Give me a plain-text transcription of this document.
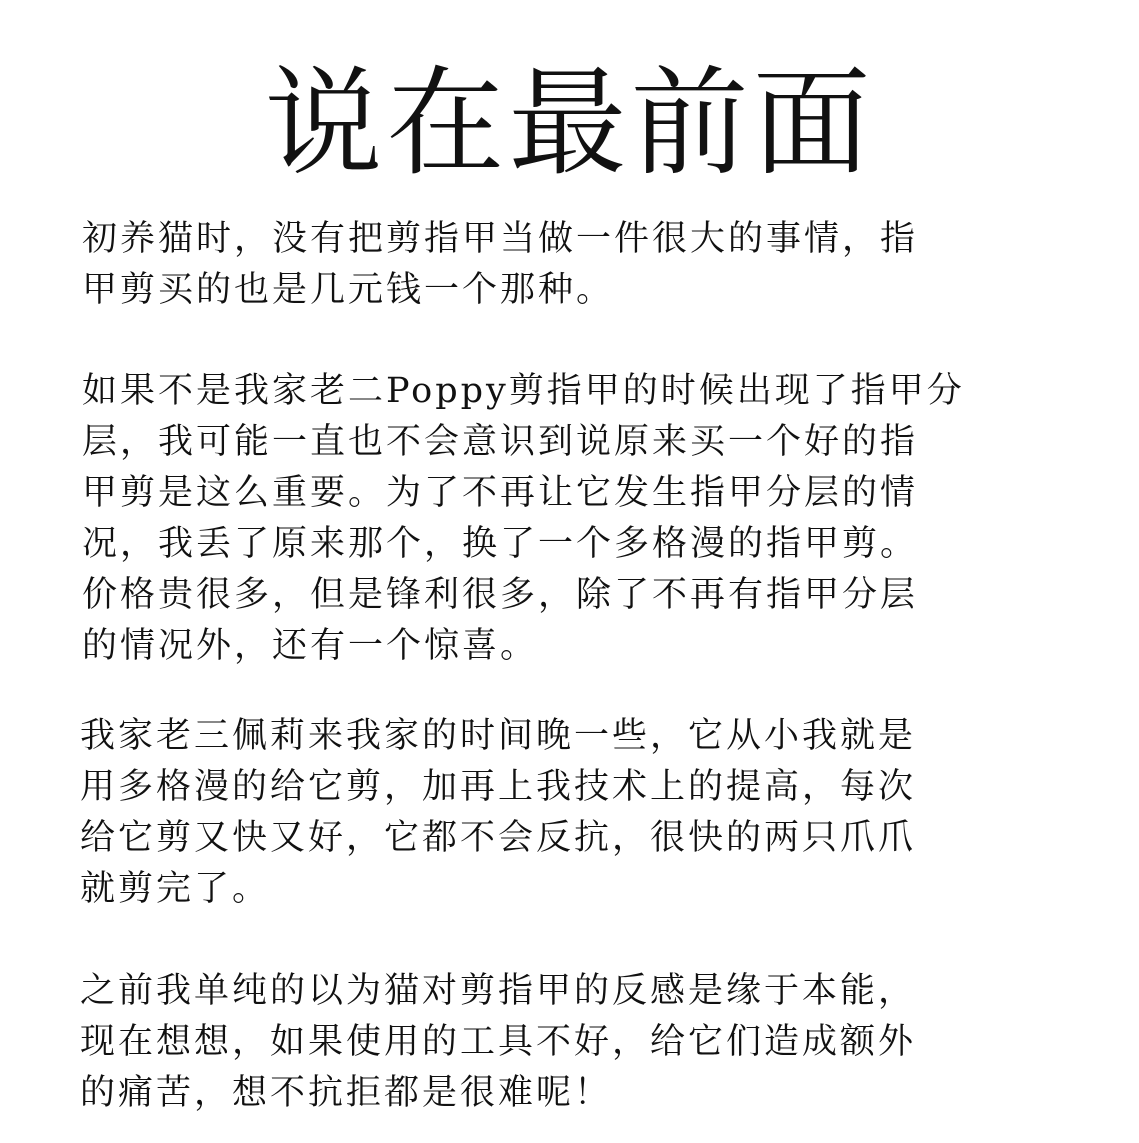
说在最前面

初养猫时，没有把剪指甲当做一件很大的事情，指
甲剪买的也是几元钱一个那种。

如果不是我家老二Poppy剪指甲的时候出现了指甲分
层，我可能一直也不会意识到说原来买一个好的指
甲剪是这么重要。为了不再让它发生指甲分层的情
况，我丢了原来那个，换了一个多格漫的指甲剪。
价格贵很多，但是锋利很多，除了不再有指甲分层
的情况外，还有一个惊喜。

我家老三佩莉来我家的时间晚一些，它从小我就是
用多格漫的给它剪，加再上我技术上的提高，每次
给它剪又快又好，它都不会反抗，很快的两只爪爪
就剪完了。

之前我单纯的以为猫对剪指甲的反感是缘于本能，
现在想想，如果使用的工具不好，给它们造成额外
的痛苦，想不抗拒都是很难呢！
